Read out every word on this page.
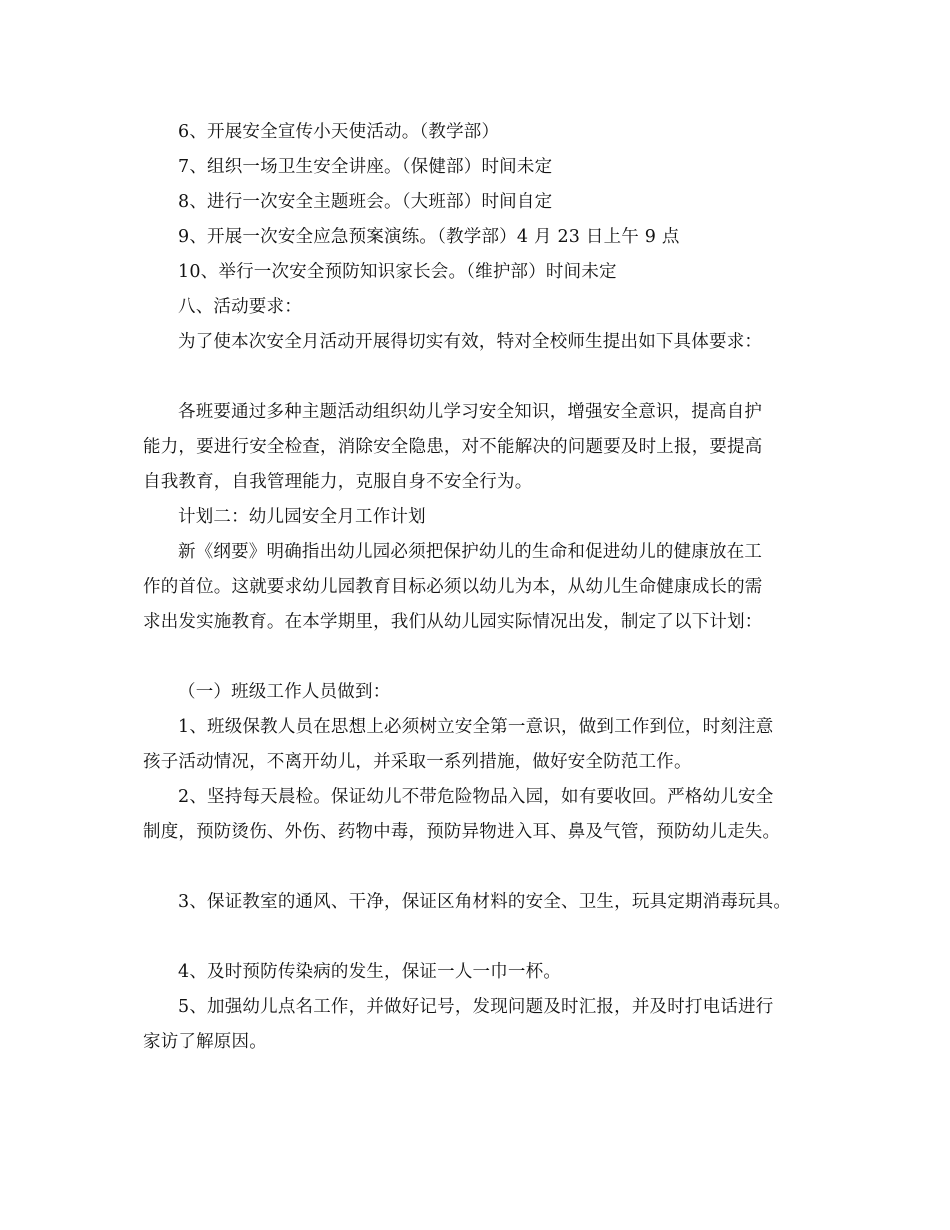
6、开展安全宣传小天使活动。（教学部）
7、组织一场卫生安全讲座。（保健部）时间未定
8、进行一次安全主题班会。（大班部）时间自定
9、开展一次安全应急预案演练。（教学部）4 月 23 日上午 9 点
10、举行一次安全预防知识家长会。（维护部）时间未定
八、活动要求：
为了使本次安全月活动开展得切实有效，特对全校师生提出如下具体要求：
各班要通过多种主题活动组织幼儿学习安全知识，增强安全意识，提高自护
能力，要进行安全检查，消除安全隐患，对不能解决的问题要及时上报，要提高
自我教育，自我管理能力，克服自身不安全行为。
计划二：幼儿园安全月工作计划
新《纲要》明确指出幼儿园必须把保护幼儿的生命和促进幼儿的健康放在工
作的首位。这就要求幼儿园教育目标必须以幼儿为本，从幼儿生命健康成长的需
求出发实施教育。在本学期里，我们从幼儿园实际情况出发，制定了以下计划：
（一）班级工作人员做到：
1、班级保教人员在思想上必须树立安全第一意识，做到工作到位，时刻注意
孩子活动情况，不离开幼儿，并采取一系列措施，做好安全防范工作。
2、坚持每天晨检。保证幼儿不带危险物品入园，如有要收回。严格幼儿安全
制度，预防烫伤、外伤、药物中毒，预防异物进入耳、鼻及气管，预防幼儿走失。
3、保证教室的通风、干净，保证区角材料的安全、卫生，玩具定期消毒玩具。
4、及时预防传染病的发生，保证一人一巾一杯。
5、加强幼儿点名工作，并做好记号，发现问题及时汇报，并及时打电话进行
家访了解原因。
